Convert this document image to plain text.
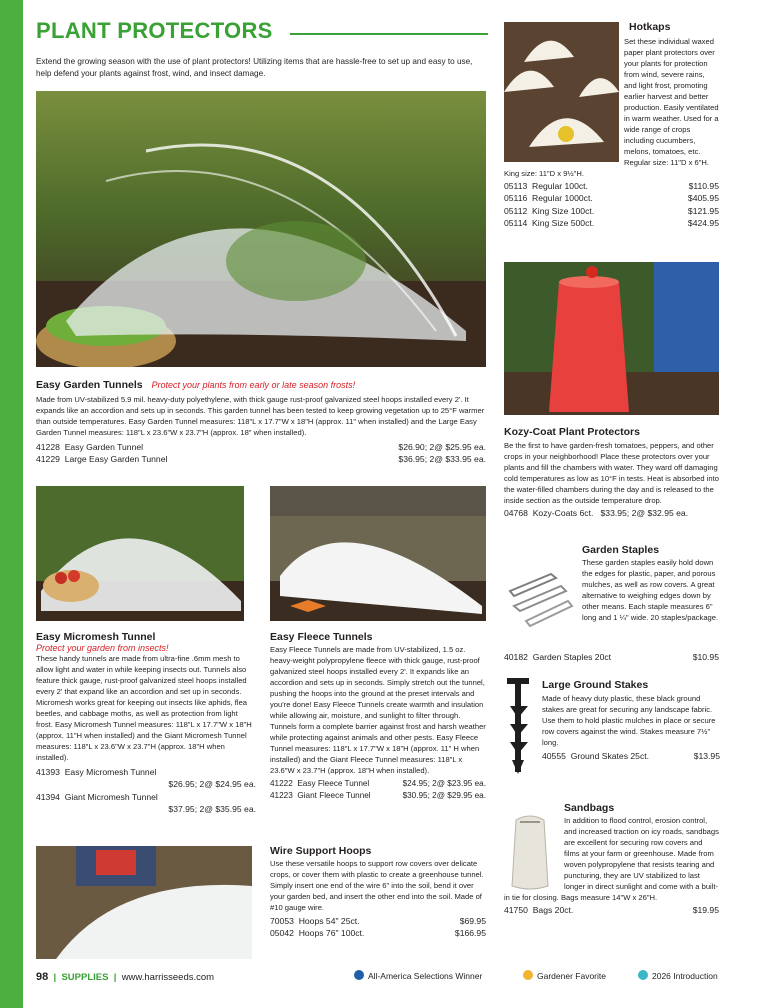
PLANT PROTECTORS
Extend the growing season with the use of plant protectors! Utilizing items that are hassle-free to set up and easy to use, help defend your plants against frost, wind, and insect damage.
Easy Garden Tunnels Protect your plants from early or late season frosts!
Made from UV-stabilized 5.9 mil. heavy-duty polyethylene, with thick gauge rust-proof galvanized steel hoops installed every 2'. It expands like an accordion and sets up in seconds. This garden tunnel has been tested to keep growing vegetation up to 25°F warmer than outside temperatures. Easy Garden Tunnel measures: 118"L x 17.7"W x 18"H (approx. 11" when installed) and the Large Easy Garden Tunnel measures: 118"L x 23.6"W x 23.7"H (approx. 18" when installed).
41228 Easy Garden Tunnel	$26.90; 2@ $25.95 ea.
41229 Large Easy Garden Tunnel	$36.95; 2@ $33.95 ea.
Easy Micromesh Tunnel
Protect your garden from insects!
These handy tunnels are made from ultra-fine .6mm mesh to allow light and water in while keeping insects out. Tunnels also feature thick gauge, rust-proof galvanized steel hoops installed every 2' that expand like an accordion and set up in seconds. Micromesh works great for keeping out insects like aphids, flea beetles, and cabbage moths, as well as protection from light frost. Easy Micromesh Tunnel measures: 118"L x 17.7"W x 18"H (approx. 11"H when installed) and the Giant Micromesh Tunnel measures: 118"L x 23.6"W x 23.7"H (approx. 18"H when installed).
41393 Easy Micromesh Tunnel
$26.95; 2@ $24.95 ea.
41394 Giant Micromesh Tunnel
$37.95; 2@ $35.95 ea.
Easy Fleece Tunnels
Easy Fleece Tunnels are made from UV-stabilized, 1.5 oz. heavy-weight polypropylene fleece with thick gauge, rust-proof galvanized steel hoops installed every 2'. It expands like an accordion and sets up in seconds. Simply stretch out the tunnel, pushing the hoops into the ground at the preset intervals and you're done! Easy Fleece Tunnels create warmth and insulation while allowing air, moisture, and sunlight to filter through. Tunnels form a complete barrier against frost and harsh weather while protecting against animals and other pests. Easy Fleece Tunnel measures: 118"L x 17.7"W x 18"H (approx. 11" H when installed) and the Giant Fleece Tunnel measures: 118"L x 23.6"W x 23.7"H (approx. 18"H when installed).
41222 Easy Fleece Tunnel	$24.95; 2@ $23.95 ea.
41223 Giant Fleece Tunnel	$30.95; 2@ $29.95 ea.
Wire Support Hoops
Use these versatile hoops to support row covers over delicate crops, or cover them with plastic to create a greenhouse tunnel. Simply insert one end of the wire 6" into the soil, bend it over your garden bed, and insert the other end into the soil. Made of #10 gauge wire.
70053 Hoops 54" 25ct.	$69.95
05042 Hoops 76" 100ct.	$166.95
Hotkaps
Set these individual waxed paper plant protectors over your plants for protection from wind, severe rains, and light frost, promoting earlier harvest and better production. Easily ventilated in warm weather. Used for a wide range of crops including cucumbers, melons, tomatoes, etc. Regular size: 11"D x 6"H. King size: 11"D x 9½"H.
05113 Regular 100ct.	$110.95
05116 Regular 1000ct.	$405.95
05112 King Size 100ct.	$121.95
05114 King Size 500ct.	$424.95
Kozy-Coat Plant Protectors
Be the first to have garden-fresh tomatoes, peppers, and other crops in your neighborhood! Place these protectors over your plants and fill the chambers with water. They ward off damaging cold temperatures as low as 10°F in tests. Heat is absorbed into the water-filled chambers during the day and is released to the inside section as the outside temperature drop.
04768 Kozy-Coats 6ct. $33.95; 2@ $32.95 ea.
Garden Staples
These garden staples easily hold down the edges for plastic, paper, and porous mulches, as well as row covers. A great alternative to weighing edges down by other means. Each staple measures 6" long and 1 ¼" wide. 20 staples/package.
40182 Garden Staples 20ct	$10.95
Large Ground Stakes
Made of heavy duty plastic, these black ground stakes are great for securing any landscape fabric. Use them to hold plastic mulches in place or secure row covers against the wind. Stakes measure 7½" long.
40555 Ground Skates 25ct.	$13.95
Sandbags
In addition to flood control, erosion control, and increased traction on icy roads, sandbags are excellent for securing row covers and films at your farm or greenhouse. Made from woven polypropylene that resists tearing and puncturing, they are UV stabilized to last longer in direct sunlight and come with a built-in tie for closing. Bags measure 14"W x 26"H.
41750 Bags 20ct.	$19.95
98  |  SUPPLIES  |  www.harrisseeds.com	All-America Selections Winner	Gardener Favorite	2026 Introduction
